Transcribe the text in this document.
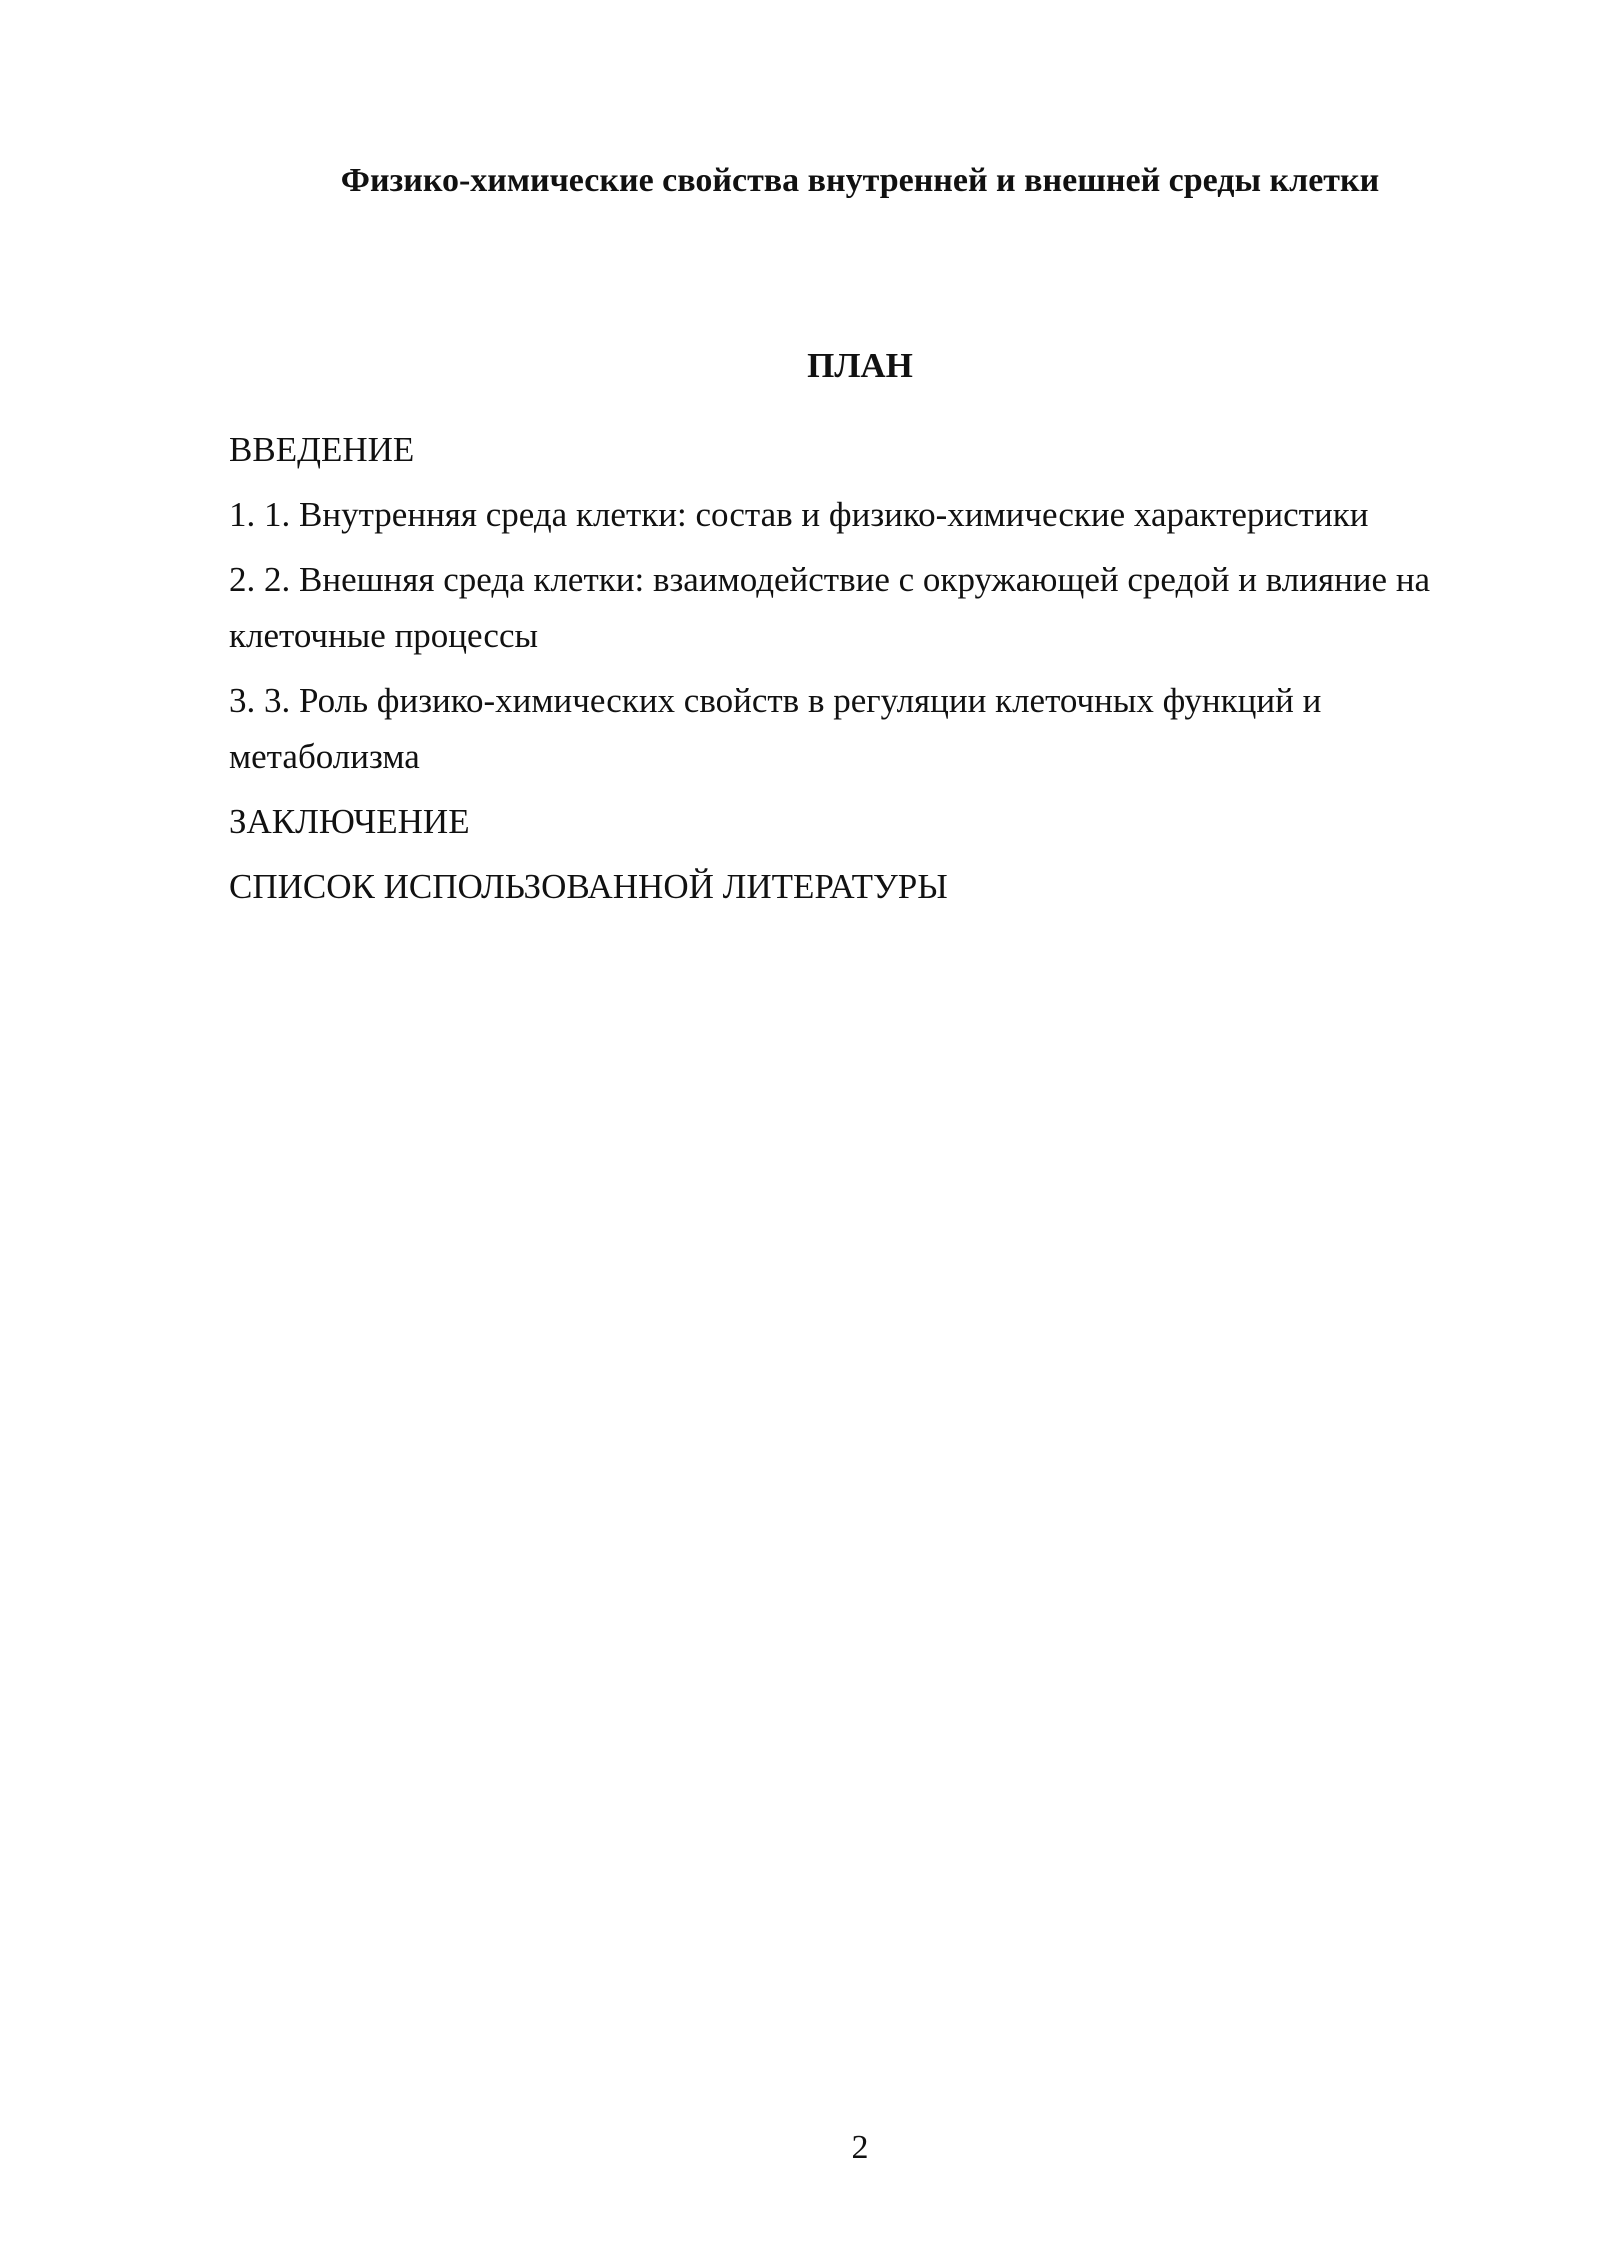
Физико-химические свойства внутренней и внешней среды клетки
ПЛАН
ВВЕДЕНИЕ
1. 1. Внутренняя среда клетки: состав и физико-химические характеристики
2. 2. Внешняя среда клетки: взаимодействие с окружающей средой и влияние на клеточные процессы
3. 3. Роль физико-химических свойств в регуляции клеточных функций и метаболизма
ЗАКЛЮЧЕНИЕ
СПИСОК ИСПОЛЬЗОВАННОЙ ЛИТЕРАТУРЫ
2
